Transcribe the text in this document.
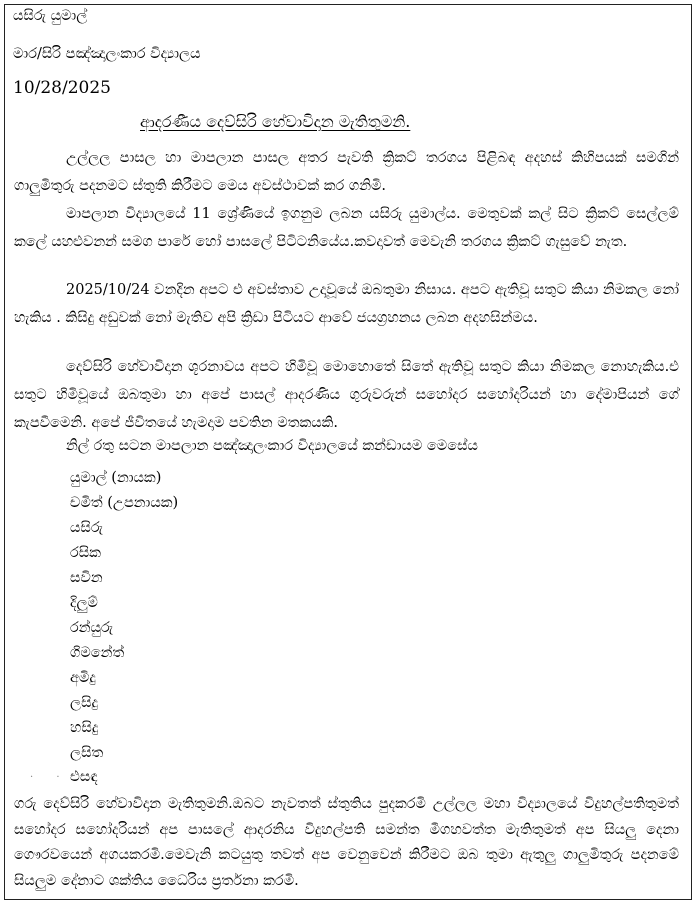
යසිරු යුමාල්
මාර/සිරි පඤ්ඤාලංකාර විද්‍යාලය
10/28/2025
ආදරණීය දෙව්සිරි හේවාවිදාන මැතිතුමනි.
උල්ලල පාසල හා මාපලාන පාසල අතර පැවති ක්‍රිකට් තරගය පිළිබඳ අදහස් කිහිපයක් සමගින් ගාලුමිතුරු පදනමට ස්තුති කිරීමට මෙය අවස්ථාවක් කර ගනිමි.
මාපලාන විද්‍යාලයේ 11 ශ්‍රේණියේ ඉගනුම ලබන යසිරු යුමාල්ය. මෙතුවක් කල් සිට ක්‍රිකට් සෙල්ලම් කලේ යහළුවනන් සමග පාරේ හෝ පාසලේ පිටිටනියේය.කවදාවත් මෙවැනි තරගය ක්‍රිකට් ගැසුවේ නැත.
2025/10/24 වනදින අපට එ අවස්තාව උදාවූයේ ඔබතුමා නිසාය. අපට ඇතිවූ සතුට කියා නිමකල නෝ හැකිය . කිසිදු අඩුවක් නෝ මැතිව අපි ක්‍රිඩා පිටියට ආවේ ජයග්‍රහනය ලබන අදහසින්මය.
දෙව්සිරි හේවාවිදාන ශූරනාවය අපට හිමිවූ මොහොතේ සිතේ ඇතිවූ සතුට කියා නිමකල නොහැකිය.එ සතුට හිමිවූයේ ඔබතුමා හා අපේ පාසල් ආදරණිය ගුරුවරුන් සහෝදර සහෝදරියන් හා දේමාපියන් ගේ කැපවීමෙනි. අපේ ජීවිතයේ හැමදාම පවතින මතකයකි.
නිල් රතු සටන මාපලාන පඤ්ඤාලංකාර විද්‍යාලයේ කන්ඩායම මෙසේය
යුමාල් (නායක)
චමිත් (උපනායක)
යසිරු
රසික
සවින
දිලුම්
රන්යුරු
ගිමනේත්
අමිදු
ලසිදු
හසිදු
ලසිත
එසඳ
· ·
ගරු දෙව්සිරි හේවාවිදාන මැතිතුමනි.ඔබට නැවතත් ස්තුතිය පුදකරමි උල්ලල මහා විද්‍යාලයේ විදුහල්පතිතුමත් සහෝදර සහෝදරියන් අප පාසලේ ආදරනිය විදුහල්පති සමන්ත මීගහවත්ත මැතිතුමත් අප සියලු දෙනා ගෞරවයෙන් අගයකරමි.මෙවැනි කටයුතු තවත් අප වෙනුවෙන් කිරීමට ඔබ තුමා ඇතුලු ගාලුමිතුරු පදනමේ සියලුම දේනාට ශක්තිය ධෛරිය ප්‍රර්තනා කරමි.
